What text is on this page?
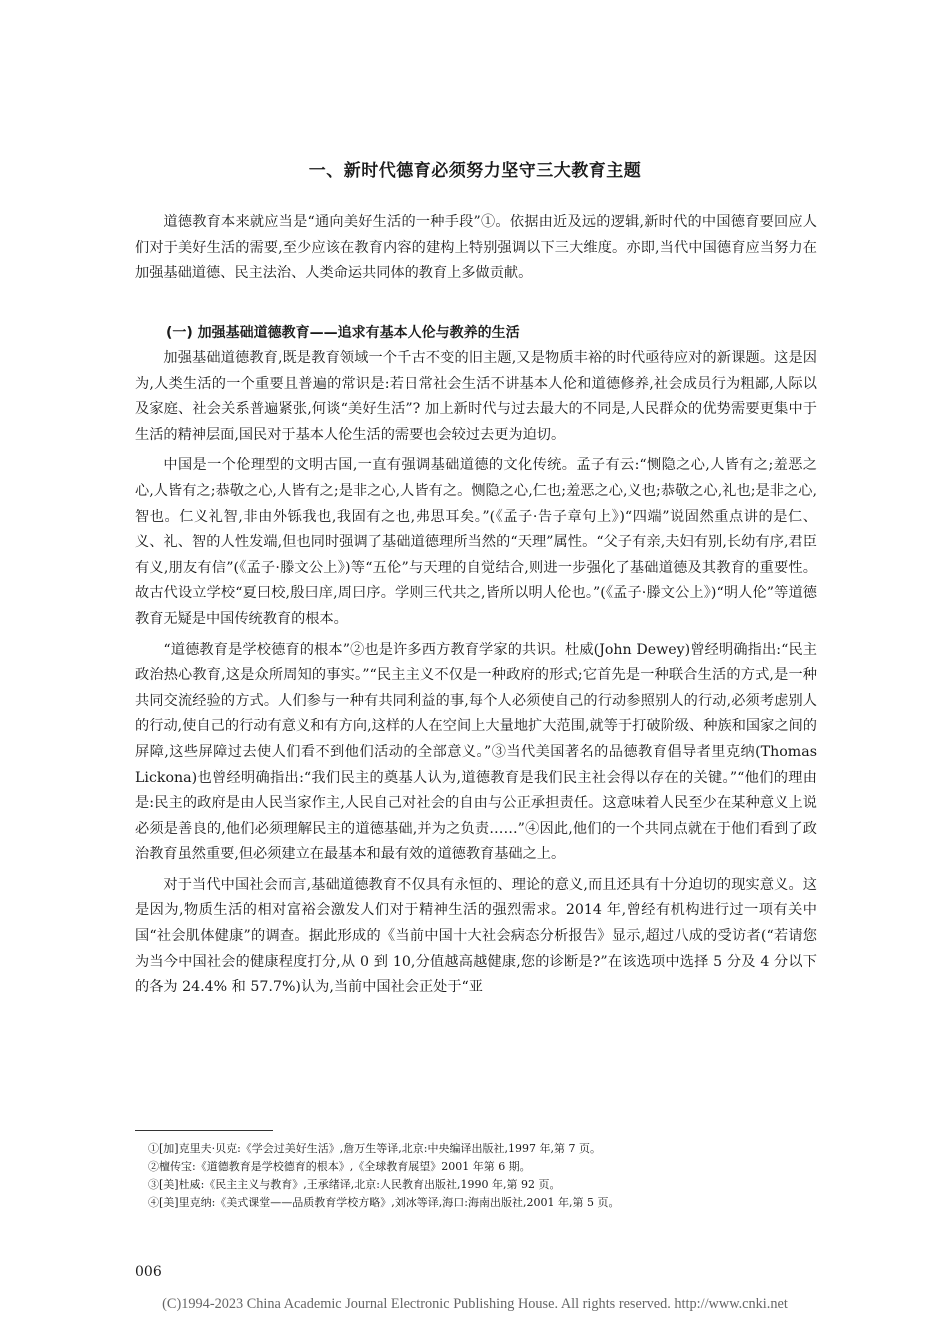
一、新时代德育必须努力坚守三大教育主题

道德教育本来就应当是“通向美好生活的一种手段”①。依据由近及远的逻辑,新时代的中国德育要回应人们对于美好生活的需要,至少应该在教育内容的建构上特别强调以下三大维度。亦即,当代中国德育应当努力在加强基础道德、民主法治、人类命运共同体的教育上多做贡献。

(一) 加强基础道德教育——追求有基本人伦与教养的生活

加强基础道德教育,既是教育领域一个千古不变的旧主题,又是物质丰裕的时代亟待应对的新课题。这是因为,人类生活的一个重要且普遍的常识是:若日常社会生活不讲基本人伦和道德修养,社会成员行为粗鄙,人际以及家庭、社会关系普遍紧张,何谈“美好生活”? 加上新时代与过去最大的不同是,人民群众的优势需要更集中于生活的精神层面,国民对于基本人伦生活的需要也会较过去更为迫切。

中国是一个伦理型的文明古国,一直有强调基础道德的文化传统。孟子有云:“恻隐之心,人皆有之;羞恶之心,人皆有之;恭敬之心,人皆有之;是非之心,人皆有之。恻隐之心,仁也;羞恶之心,义也;恭敬之心,礼也;是非之心,智也。仁义礼智,非由外铄我也,我固有之也,弗思耳矣。”(《孟子·告子章句上》)“四端”说固然重点讲的是仁、义、礼、智的人性发端,但也同时强调了基础道德理所当然的“天理”属性。“父子有亲,夫妇有别,长幼有序,君臣有义,朋友有信”(《孟子·滕文公上》)等“五伦”与天理的自觉结合,则进一步强化了基础道德及其教育的重要性。故古代设立学校“夏曰校,殷曰庠,周曰序。学则三代共之,皆所以明人伦也。”(《孟子·滕文公上》)“明人伦”等道德教育无疑是中国传统教育的根本。

“道德教育是学校德育的根本”②也是许多西方教育学家的共识。杜威(John Dewey)曾经明确指出:“民主政治热心教育,这是众所周知的事实。”“民主主义不仅是一种政府的形式;它首先是一种联合生活的方式,是一种共同交流经验的方式。人们参与一种有共同利益的事,每个人必须使自己的行动参照别人的行动,必须考虑别人的行动,使自己的行动有意义和有方向,这样的人在空间上大量地扩大范围,就等于打破阶级、种族和国家之间的屏障,这些屏障过去使人们看不到他们活动的全部意义。”③当代美国著名的品德教育倡导者里克纳(Thomas Lickona)也曾经明确指出:“我们民主的奠基人认为,道德教育是我们民主社会得以存在的关键。”“他们的理由是:民主的政府是由人民当家作主,人民自己对社会的自由与公正承担责任。这意味着人民至少在某种意义上说必须是善良的,他们必须理解民主的道德基础,并为之负责……”④因此,他们的一个共同点就在于他们看到了政治教育虽然重要,但必须建立在最基本和最有效的道德教育基础之上。

对于当代中国社会而言,基础道德教育不仅具有永恒的、理论的意义,而且还具有十分迫切的现实意义。这是因为,物质生活的相对富裕会激发人们对于精神生活的强烈需求。2014 年,曾经有机构进行过一项有关中国“社会肌体健康”的调查。据此形成的《当前中国十大社会病态分析报告》显示,超过八成的受访者(“若请您为当今中国社会的健康程度打分,从 0 到 10,分值越高越健康,您的诊断是?”在该选项中选择 5 分及 4 分以下的各为 24.4% 和 57.7%)认为,当前中国社会正处于“亚

①[加]克里夫·贝克:《学会过美好生活》,詹万生等译,北京:中央编译出版社,1997 年,第 7 页。

②檀传宝:《道德教育是学校德育的根本》,《全球教育展望》2001 年第 6 期。

③[美]杜威:《民主主义与教育》,王承绪译,北京:人民教育出版社,1990 年,第 92 页。

④[美]里克纳:《美式课堂——品质教育学校方略》,刘冰等译,海口:海南出版社,2001 年,第 5 页。

006
(C)1994-2023 China Academic Journal Electronic Publishing House. All rights reserved. http://www.cnki.net
